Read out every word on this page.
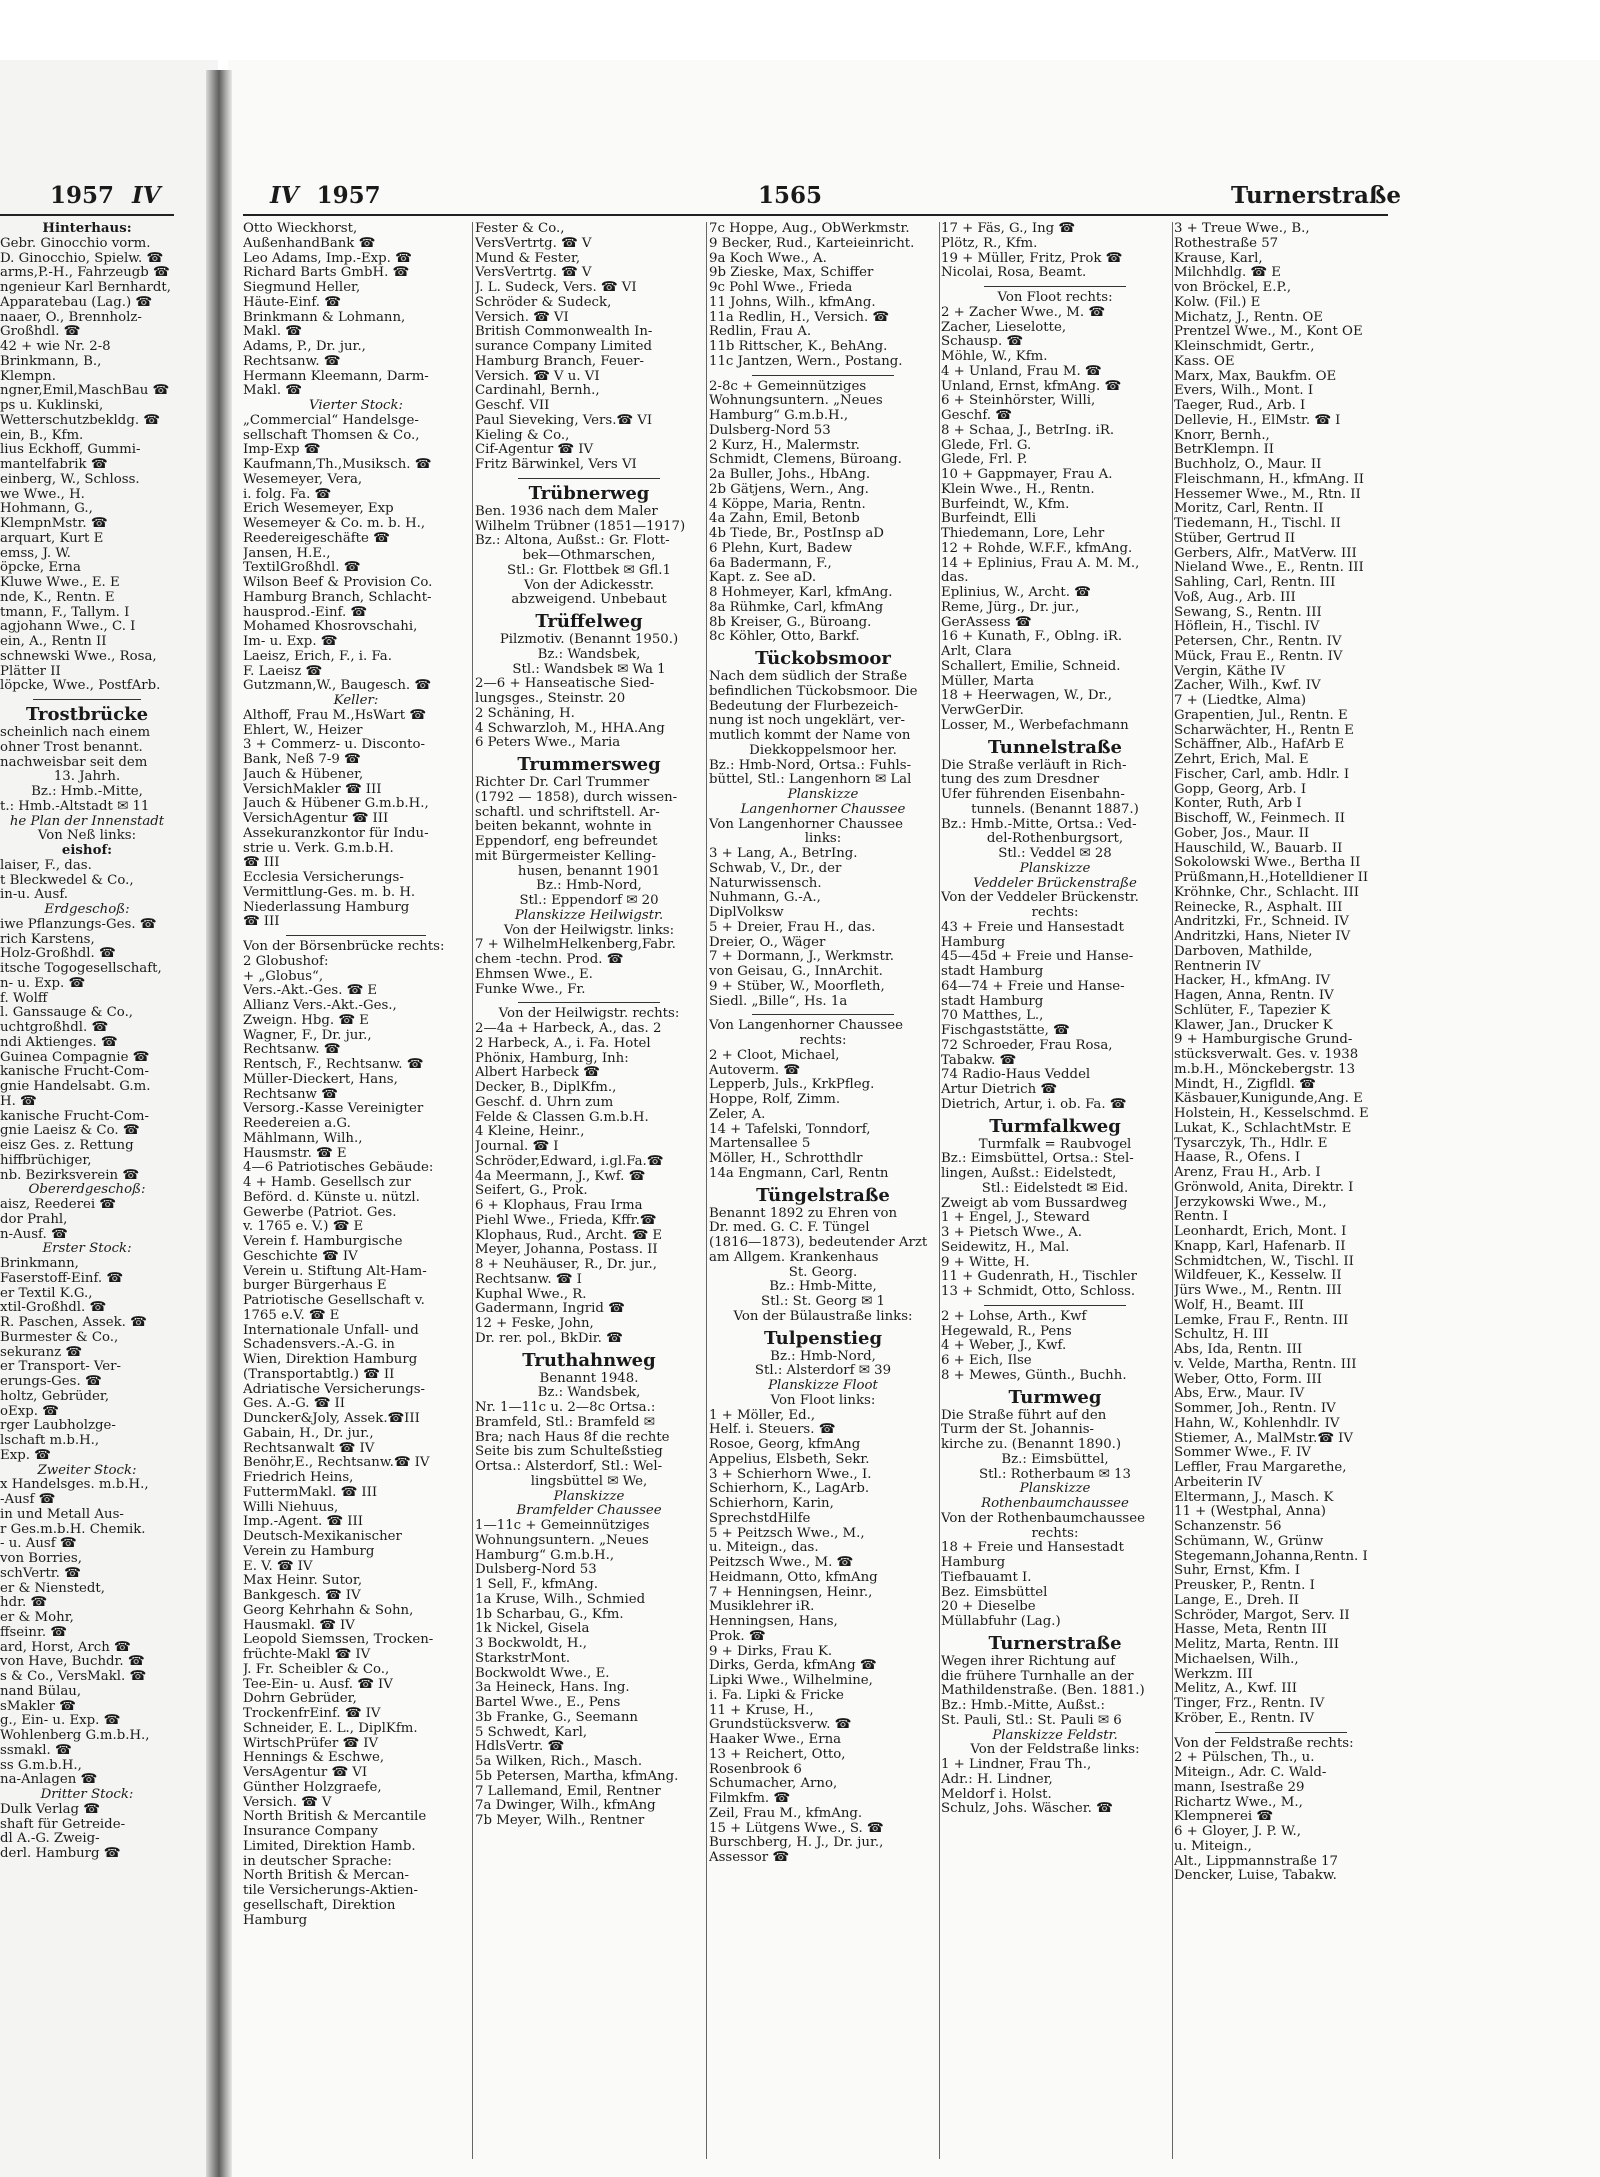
1957 IV	IV 1957	1565	Turnerstraße
Hinterhaus:
Gebr. Ginocchio vorm.
D. Ginocchio, Spielw. ☎
arms,P.-H., Fahrzeugb ☎
ngenieur Karl Bernhardt,
Apparatebau (Lag.) ☎
naaer, O., Brennholz-
Großhdl. ☎
42 + wie Nr. 2-8
Brinkmann, B.,
Klempn.
ngner,Emil,MaschBau ☎
ps u. Kuklinski,
Wetterschutzbekldg. ☎
ein, B., Kfm.
lius Eckhoff, Gummi-
mantelfabrik ☎
einberg, W., Schloss.
we Wwe., H.
Hohmann, G.,
KlempnMstr. ☎
arquart, Kurt E
emss, J. W.
öpcke, Erna
Kluwe Wwe., E. E
nde, K., Rentn. E
tmann, F., Tallym. I
agjohann Wwe., C. I
ein, A., Rentn II
schnewski Wwe., Rosa,
Plätter II
löpcke, Wwe., PostfArb.
Trostbrücke
scheinlich nach einem
ohner Trost benannt.
nachweisbar seit dem
13. Jahrh.
Bz.: Hmb.-Mitte,
t.: Hmb.-Altstadt ✉ 11
he Plan der Innenstadt
Von Neß links:
eishof:
laiser, F., das.
t Bleckwedel & Co.,
in-u. Ausf.
Erdgeschoß:
iwe Pflanzungs-Ges. ☎
rich Karstens,
Holz-Großhdl. ☎
itsche Togogesellschaft,
n- u. Exp. ☎
f. Wolff
l. Ganssauge & Co.,
uchtgroßhdl. ☎
ndi Aktienges. ☎
Guinea Compagnie ☎
kanische Frucht-Com-
gnie Handelsabt. G.m.
H. ☎
kanische Frucht-Com-
gnie Laeisz & Co. ☎
eisz Ges. z. Rettung
hiffbrüchiger,
nb. Bezirksverein ☎
Obererdgeschoß:
aisz, Reederei ☎
dor Prahl,
n-Ausf. ☎
Erster Stock:
Brinkmann,
Faserstoff-Einf. ☎
er Textil K.G.,
xtil-Großhdl. ☎
R. Paschen, Assek. ☎
Burmester & Co.,
sekuranz ☎
er Transport- Ver-
erungs-Ges. ☎
holtz, Gebrüder,
oExp. ☎
rger Laubholzge-
lschaft m.b.H.,
Exp. ☎
Zweiter Stock:
x Handelsges. m.b.H.,
-Ausf ☎
in und Metall Aus-
r Ges.m.b.H. Chemik.
- u. Ausf ☎
von Borries,
schVertr. ☎
er & Nienstedt,
hdr. ☎
er & Mohr,
ffseinr. ☎
ard, Horst, Arch ☎
von Have, Buchdr. ☎
s & Co., VersMakl. ☎
nand Bülau,
sMakler ☎
g., Ein- u. Exp. ☎
Wohlenberg G.m.b.H.,
ssmakl. ☎
ss G.m.b.H.,
na-Anlagen ☎
Dritter Stock:
Dulk Verlag ☎
shaft für Getreide-
dl A.-G. Zweig-
derl. Hamburg ☎
Otto Wieckhorst,
AußenhandBank ☎
Leo Adams, Imp.-Exp. ☎
Richard Barts GmbH. ☎
Siegmund Heller,
Häute-Einf. ☎
Brinkmann & Lohmann,
Makl. ☎
Adams, P., Dr. jur.,
Rechtsanw. ☎
Hermann Kleemann, Darm-
Makl. ☎
Vierter Stock:
„Commercial“ Handelsge-
sellschaft Thomsen & Co.,
Imp-Exp ☎
Kaufmann,Th.,Musiksch. ☎
Wesemeyer, Vera,
i. folg. Fa. ☎
Erich Wesemeyer, Exp
Wesemeyer & Co. m. b. H.,
Reedereigeschäfte ☎
Jansen, H.E.,
TextilGroßhdl. ☎
Wilson Beef & Provision Co.
Hamburg Branch, Schlacht-
hausprod.-Einf. ☎
Mohamed Khosrovschahi,
Im- u. Exp. ☎
Laeisz, Erich, F., i. Fa.
F. Laeisz ☎
Gutzmann,W., Baugesch. ☎
Keller:
Althoff, Frau M.,HsWart ☎
Ehlert, W., Heizer
3 + Commerz- u. Disconto-
Bank, Neß 7-9 ☎
Jauch & Hübener,
VersichMakler ☎ III
Jauch & Hübener G.m.b.H.,
VersichAgentur ☎ III
Assekuranzkontor für Indu-
strie u. Verk. G.m.b.H.
☎ III
Ecclesia Versicherungs-
Vermittlung-Ges. m. b. H.
Niederlassung Hamburg
☎ III
Von der Börsenbrücke rechts:
2 Globushof:
+ „Globus“,
Vers.-Akt.-Ges. ☎ E
Allianz Vers.-Akt.-Ges.,
Zweign. Hbg. ☎ E
Wagner, F., Dr. jur.,
Rechtsanw. ☎
Rentsch, F., Rechtsanw. ☎
Müller-Dieckert, Hans,
Rechtsanw ☎
Versorg.-Kasse Vereinigter
Reedereien a.G.
Mählmann, Wilh.,
Hausmstr. ☎ E
4—6 Patriotisches Gebäude:
4 + Hamb. Gesellsch zur
Beförd. d. Künste u. nützl.
Gewerbe (Patriot. Ges.
v. 1765 e. V.) ☎ E
Verein f. Hamburgische
Geschichte ☎ IV
Verein u. Stiftung Alt-Ham-
burger Bürgerhaus E
Patriotische Gesellschaft v.
1765 e.V. ☎ E
Internationale Unfall- und
Schadensvers.-A.-G. in
Wien, Direktion Hamburg
(Transportabtlg.) ☎ II
Adriatische Versicherungs-
Ges. A.-G. ☎ II
Duncker&Joly, Assek.☎III
Gabain, H., Dr. jur.,
Rechtsanwalt ☎ IV
Benöhr,E., Rechtsanw.☎ IV
Friedrich Heins,
FuttermMakl. ☎ III
Willi Niehuus,
Imp.-Agent. ☎ III
Deutsch-Mexikanischer
Verein zu Hamburg
E. V. ☎ IV
Max Heinr. Sutor,
Bankgesch. ☎ IV
Georg Kehrhahn & Sohn,
Hausmakl. ☎ IV
Leopold Siemssen, Trocken-
früchte-Makl ☎ IV
J. Fr. Scheibler & Co.,
Tee-Ein- u. Ausf. ☎ IV
Dohrn Gebrüder,
TrockenfrEinf. ☎ IV
Schneider, E. L., DiplKfm.
WirtschPrüfer ☎ IV
Hennings & Eschwe,
VersAgentur ☎ VI
Günther Holzgraefe,
Versich. ☎ V
North British & Mercantile
Insurance Company
Limited, Direktion Hamb.
in deutscher Sprache:
North British & Mercan-
tile Versicherungs-Aktien-
gesellschaft, Direktion
Hamburg
Fester & Co.,
VersVertrtg. ☎ V
Mund & Fester,
VersVertrtg. ☎ V
J. L. Sudeck, Vers. ☎ VI
Schröder & Sudeck,
Versich. ☎ VI
British Commonwealth In-
surance Company Limited
Hamburg Branch, Feuer-
Versich. ☎ V u. VI
Cardinahl, Bernh.,
Geschf. VII
Paul Sieveking, Vers.☎ VI
Kieling & Co.,
Cif-Agentur ☎ IV
Fritz Bärwinkel, Vers VI
Trübnerweg
Ben. 1936 nach dem Maler
Wilhelm Trübner (1851—1917)
Bz.: Altona, Außst.: Gr. Flott-
bek—Othmarschen,
Stl.: Gr. Flottbek ✉ Gfl.1
Von der Adickesstr.
abzweigend. Unbebaut
Trüffelweg
Pilzmotiv. (Benannt 1950.)
Bz.: Wandsbek,
Stl.: Wandsbek ✉ Wa 1
2—6 + Hanseatische Sied-
lungsges., Steinstr. 20
2 Schäning, H.
4 Schwarzloh, M., HHA.Ang
6 Peters Wwe., Maria
Trummersweg
Richter Dr. Carl Trummer
(1792 — 1858), durch wissen-
schaftl. und schriftstell. Ar-
beiten bekannt, wohnte in
Eppendorf, eng befreundet
mit Bürgermeister Kelling-
husen, benannt 1901
Bz.: Hmb-Nord,
Stl.: Eppendorf ✉ 20
Planskizze Heilwigstr.
Von der Heilwigstr. links:
7 + WilhelmHelkenberg,Fabr.
chem -techn. Prod. ☎
Ehmsen Wwe., E.
Funke Wwe., Fr.
Von der Heilwigstr. rechts:
2—4a + Harbeck, A., das. 2
2 Harbeck, A., i. Fa. Hotel
Phönix, Hamburg, Inh:
Albert Harbeck ☎
Decker, B., DiplKfm.,
Geschf. d. Uhrn zum
Felde & Classen G.m.b.H.
4 Kleine, Heinr.,
Journal. ☎ I
Schröder,Edward, i.gl.Fa.☎
4a Meermann, J., Kwf. ☎
Seifert, G., Prok.
6 + Klophaus, Frau Irma
Piehl Wwe., Frieda, Kffr.☎
Klophaus, Rud., Archt. ☎ E
Meyer, Johanna, Postass. II
8 + Neuhäuser, R., Dr. jur.,
Rechtsanw. ☎ I
Kuphal Wwe., R.
Gadermann, Ingrid ☎
12 + Feske, John,
Dr. rer. pol., BkDir. ☎
Truthahnweg
Benannt 1948.
Bz.: Wandsbek,
Nr. 1—11c u. 2—8c Ortsa.:
Bramfeld, Stl.: Bramfeld ✉
Bra; nach Haus 8f die rechte
Seite bis zum Schulteßstieg
Ortsa.: Alsterdorf, Stl.: Wel-
lingsbüttel ✉ We,
Planskizze
Bramfelder Chaussee
1—11c + Gemeinnütziges
Wohnungsuntern. „Neues
Hamburg“ G.m.b.H.,
Dulsberg-Nord 53
1 Sell, F., kfmAng.
1a Kruse, Wilh., Schmied
1b Scharbau, G., Kfm.
1k Nickel, Gisela
3 Bockwoldt, H.,
StarkstrMont.
Bockwoldt Wwe., E.
3a Heineck, Hans. Ing.
Bartel Wwe., E., Pens
3b Franke, G., Seemann
5 Schwedt, Karl,
HdlsVertr. ☎
5a Wilken, Rich., Masch.
5b Petersen, Martha, kfmAng.
7 Lallemand, Emil, Rentner
7a Dwinger, Wilh., kfmAng
7b Meyer, Wilh., Rentner
7c Hoppe, Aug., ObWerkmstr.
9 Becker, Rud., Karteieinricht.
9a Koch Wwe., A.
9b Zieske, Max, Schiffer
9c Pohl Wwe., Frieda
11 Johns, Wilh., kfmAng.
11a Redlin, H., Versich. ☎
Redlin, Frau A.
11b Rittscher, K., BehAng.
11c Jantzen, Wern., Postang.
2-8c + Gemeinnütziges
Wohnungsuntern. „Neues
Hamburg“ G.m.b.H.,
Dulsberg-Nord 53
2 Kurz, H., Malermstr.
Schmidt, Clemens, Büroang.
2a Buller, Johs., HbAng.
2b Gätjens, Wern., Ang.
4 Köppe, Maria, Rentn.
4a Zahn, Emil, Betonb
4b Tiede, Br., PostInsp aD
6 Plehn, Kurt, Badew
6a Badermann, F.,
Kapt. z. See aD.
8 Hohmeyer, Karl, kfmAng.
8a Rühmke, Carl, kfmAng
8b Kreiser, G., Büroang.
8c Köhler, Otto, Barkf.
Tückobsmoor
Nach dem südlich der Straße
befindlichen Tückobsmoor. Die
Bedeutung der Flurbezeich-
nung ist noch ungeklärt, ver-
mutlich kommt der Name von
Diekkoppelsmoor her.
Bz.: Hmb-Nord, Ortsa.: Fuhls-
büttel, Stl.: Langenhorn ✉ Lal
Planskizze
Langenhorner Chaussee
Von Langenhorner Chaussee
links:
3 + Lang, A., BetrIng.
Schwab, V., Dr., der
Naturwissensch.
Nuhmann, G.-A.,
DiplVolksw
5 + Dreier, Frau H., das.
Dreier, O., Wäger
7 + Dormann, J., Werkmstr.
von Geisau, G., InnArchit.
9 + Stüber, W., Moorfleth,
Siedl. „Bille“, Hs. 1a
Von Langenhorner Chaussee
rechts:
2 + Cloot, Michael,
Autoverm. ☎
Lepperb, Juls., KrkPfleg.
Hoppe, Rolf, Zimm.
Zeler, A.
14 + Tafelski, Tonndorf,
Martensallee 5
Möller, H., Schrotthdlr
14a Engmann, Carl, Rentn
Tüngelstraße
Benannt 1892 zu Ehren von
Dr. med. G. C. F. Tüngel
(1816—1873), bedeutender Arzt
am Allgem. Krankenhaus
St. Georg.
Bz.: Hmb-Mitte,
Stl.: St. Georg ✉ 1
Von der Bülaustraße links:
Tulpenstieg
Bz.: Hmb-Nord,
Stl.: Alsterdorf ✉ 39
Planskizze Floot
Von Floot links:
1 + Möller, Ed.,
Helf. i. Steuers. ☎
Rosoe, Georg, kfmAng
Appelius, Elsbeth, Sekr.
3 + Schierhorn Wwe., I.
Schierhorn, K., LagArb.
Schierhorn, Karin,
SprechstdHilfe
5 + Peitzsch Wwe., M.,
u. Miteign., das.
Peitzsch Wwe., M. ☎
Heidmann, Otto, kfmAng
7 + Henningsen, Heinr.,
Musiklehrer iR.
Henningsen, Hans,
Prok. ☎
9 + Dirks, Frau K.
Dirks, Gerda, kfmAng ☎
Lipki Wwe., Wilhelmine,
i. Fa. Lipki & Fricke
11 + Kruse, H.,
Grundstücksverw. ☎
Haaker Wwe., Erna
13 + Reichert, Otto,
Rosenbrook 6
Schumacher, Arno,
Filmkfm. ☎
Zeil, Frau M., kfmAng.
15 + Lütgens Wwe., S. ☎
Burschberg, H. J., Dr. jur.,
Assessor ☎
17 + Fäs, G., Ing ☎
Plötz, R., Kfm.
19 + Müller, Fritz, Prok ☎
Nicolai, Rosa, Beamt.
Von Floot rechts:
2 + Zacher Wwe., M. ☎
Zacher, Lieselotte,
Schausp. ☎
Möhle, W., Kfm.
4 + Unland, Frau M. ☎
Unland, Ernst, kfmAng. ☎
6 + Steinhörster, Willi,
Geschf. ☎
8 + Schaa, J., BetrIng. iR.
Glede, Frl. G.
Glede, Frl. P.
10 + Gappmayer, Frau A.
Klein Wwe., H., Rentn.
Burfeindt, W., Kfm.
Burfeindt, Elli
Thiedemann, Lore, Lehr
12 + Rohde, W.F.F., kfmAng.
14 + Eplinius, Frau A. M. M.,
das.
Eplinius, W., Archt. ☎
Reme, Jürg., Dr. jur.,
GerAssess ☎
16 + Kunath, F., Oblng. iR.
Arlt, Clara
Schallert, Emilie, Schneid.
Müller, Marta
18 + Heerwagen, W., Dr.,
VerwGerDir.
Losser, M., Werbefachmann
Tunnelstraße
Die Straße verläuft in Rich-
tung des zum Dresdner
Ufer führenden Eisenbahn-
tunnels. (Benannt 1887.)
Bz.: Hmb.-Mitte, Ortsa.: Ved-
del-Rothenburgsort,
Stl.: Veddel ✉ 28
Planskizze
Veddeler Brückenstraße
Von der Veddeler Brückenstr.
rechts:
43 + Freie und Hansestadt
Hamburg
45—45d + Freie und Hanse-
stadt Hamburg
64—74 + Freie und Hanse-
stadt Hamburg
70 Matthes, L.,
Fischgaststätte, ☎
72 Schroeder, Frau Rosa,
Tabakw. ☎
74 Radio-Haus Veddel
Artur Dietrich ☎
Dietrich, Artur, i. ob. Fa. ☎
Turmfalkweg
Turmfalk = Raubvogel
Bz.: Eimsbüttel, Ortsa.: Stel-
lingen, Außst.: Eidelstedt,
Stl.: Eidelstedt ✉ Eid.
Zweigt ab vom Bussardweg
1 + Engel, J., Steward
3 + Pietsch Wwe., A.
Seidewitz, H., Mal.
9 + Witte, H.
11 + Gudenrath, H., Tischler
13 + Schmidt, Otto, Schloss.
2 + Lohse, Arth., Kwf
Hegewald, R., Pens
4 + Weber, J., Kwf.
6 + Eich, Ilse
8 + Mewes, Günth., Buchh.
Turmweg
Die Straße führt auf den
Turm der St. Johannis-
kirche zu. (Benannt 1890.)
Bz.: Eimsbüttel,
Stl.: Rotherbaum ✉ 13
Planskizze
Rothenbaumchaussee
Von der Rothenbaumchaussee
rechts:
18 + Freie und Hansestadt
Hamburg
Tiefbauamt I.
Bez. Eimsbüttel
20 + Dieselbe
Müllabfuhr (Lag.)
Turnerstraße
Wegen ihrer Richtung auf
die frühere Turnhalle an der
Mathildenstraße. (Ben. 1881.)
Bz.: Hmb.-Mitte, Außst.:
St. Pauli, Stl.: St. Pauli ✉ 6
Planskizze Feldstr.
Von der Feldstraße links:
1 + Lindner, Frau Th.,
Adr.: H. Lindner,
Meldorf i. Holst.
Schulz, Johs. Wäscher. ☎
3 + Treue Wwe., B.,
Rothestraße 57
Krause, Karl,
Milchhdlg. ☎ E
von Bröckel, E.P.,
Kolw. (Fil.) E
Michatz, J., Rentn. OE
Prentzel Wwe., M., Kont OE
Kleinschmidt, Gertr.,
Kass. OE
Marx, Max, Baukfm. OE
Evers, Wilh., Mont. I
Taeger, Rud., Arb. I
Dellevie, H., ElMstr. ☎ I
Knorr, Bernh.,
BetrKlempn. II
Buchholz, O., Maur. II
Fleischmann, H., kfmAng. II
Hessemer Wwe., M., Rtn. II
Moritz, Carl, Rentn. II
Tiedemann, H., Tischl. II
Stüber, Gertrud II
Gerbers, Alfr., MatVerw. III
Nieland Wwe., E., Rentn. III
Sahling, Carl, Rentn. III
Voß, Aug., Arb. III
Sewang, S., Rentn. III
Höflein, H., Tischl. IV
Petersen, Chr., Rentn. IV
Mück, Frau E., Rentn. IV
Vergin, Käthe IV
Zacher, Wilh., Kwf. IV
7 + (Liedtke, Alma)
Grapentien, Jul., Rentn. E
Scharwächter, H., Rentn E
Schäffner, Alb., HafArb E
Zehrt, Erich, Mal. E
Fischer, Carl, amb. Hdlr. I
Gopp, Georg, Arb. I
Konter, Ruth, Arb I
Bischoff, W., Feinmech. II
Gober, Jos., Maur. II
Hauschild, W., Bauarb. II
Sokolowski Wwe., Bertha II
Prüßmann,H.,Hotelldiener II
Kröhnke, Chr., Schlacht. III
Reinecke, R., Asphalt. III
Andritzki, Fr., Schneid. IV
Andritzki, Hans, Nieter IV
Darboven, Mathilde,
Rentnerin IV
Hacker, H., kfmAng. IV
Hagen, Anna, Rentn. IV
Schlüter, F., Tapezier K
Klawer, Jan., Drucker K
9 + Hamburgische Grund-
stücksverwalt. Ges. v. 1938
m.b.H., Mönckebergstr. 13
Mindt, H., Zigfldl. ☎
Käsbauer,Kunigunde,Ang. E
Holstein, H., Kesselschmd. E
Lukat, K., SchlachtMstr. E
Tysarczyk, Th., Hdlr. E
Haase, R., Ofens. I
Arenz, Frau H., Arb. I
Grönwold, Anita, Direktr. I
Jerzykowski Wwe., M.,
Rentn. I
Leonhardt, Erich, Mont. I
Knapp, Karl, Hafenarb. II
Schmidtchen, W., Tischl. II
Wildfeuer, K., Kesselw. II
Jürs Wwe., M., Rentn. III
Wolf, H., Beamt. III
Lemke, Frau F., Rentn. III
Schultz, H. III
Abs, Ida, Rentn. III
v. Velde, Martha, Rentn. III
Weber, Otto, Form. III
Abs, Erw., Maur. IV
Sommer, Joh., Rentn. IV
Hahn, W., Kohlenhdlr. IV
Stiemer, A., MalMstr.☎ IV
Sommer Wwe., F. IV
Leffler, Frau Margarethe,
Arbeiterin IV
Eltermann, J., Masch. K
11 + (Westphal, Anna)
Schanzenstr. 56
Schümann, W., Grünw
Stegemann,Johanna,Rentn. I
Suhr, Ernst, Kfm. I
Preusker, P., Rentn. I
Lange, E., Dreh. II
Schröder, Margot, Serv. II
Hasse, Meta, Rentn III
Melitz, Marta, Rentn. III
Michaelsen, Wilh.,
Werkzm. III
Melitz, A., Kwf. III
Tinger, Frz., Rentn. IV
Kröber, E., Rentn. IV
Von der Feldstraße rechts:
2 + Pülschen, Th., u.
Miteign., Adr. C. Wald-
mann, Isestraße 29
Richartz Wwe., M.,
Klempnerei ☎
6 + Gloyer, J. P. W.,
u. Miteign.,
Alt., Lippmannstraße 17
Dencker, Luise, Tabakw.
